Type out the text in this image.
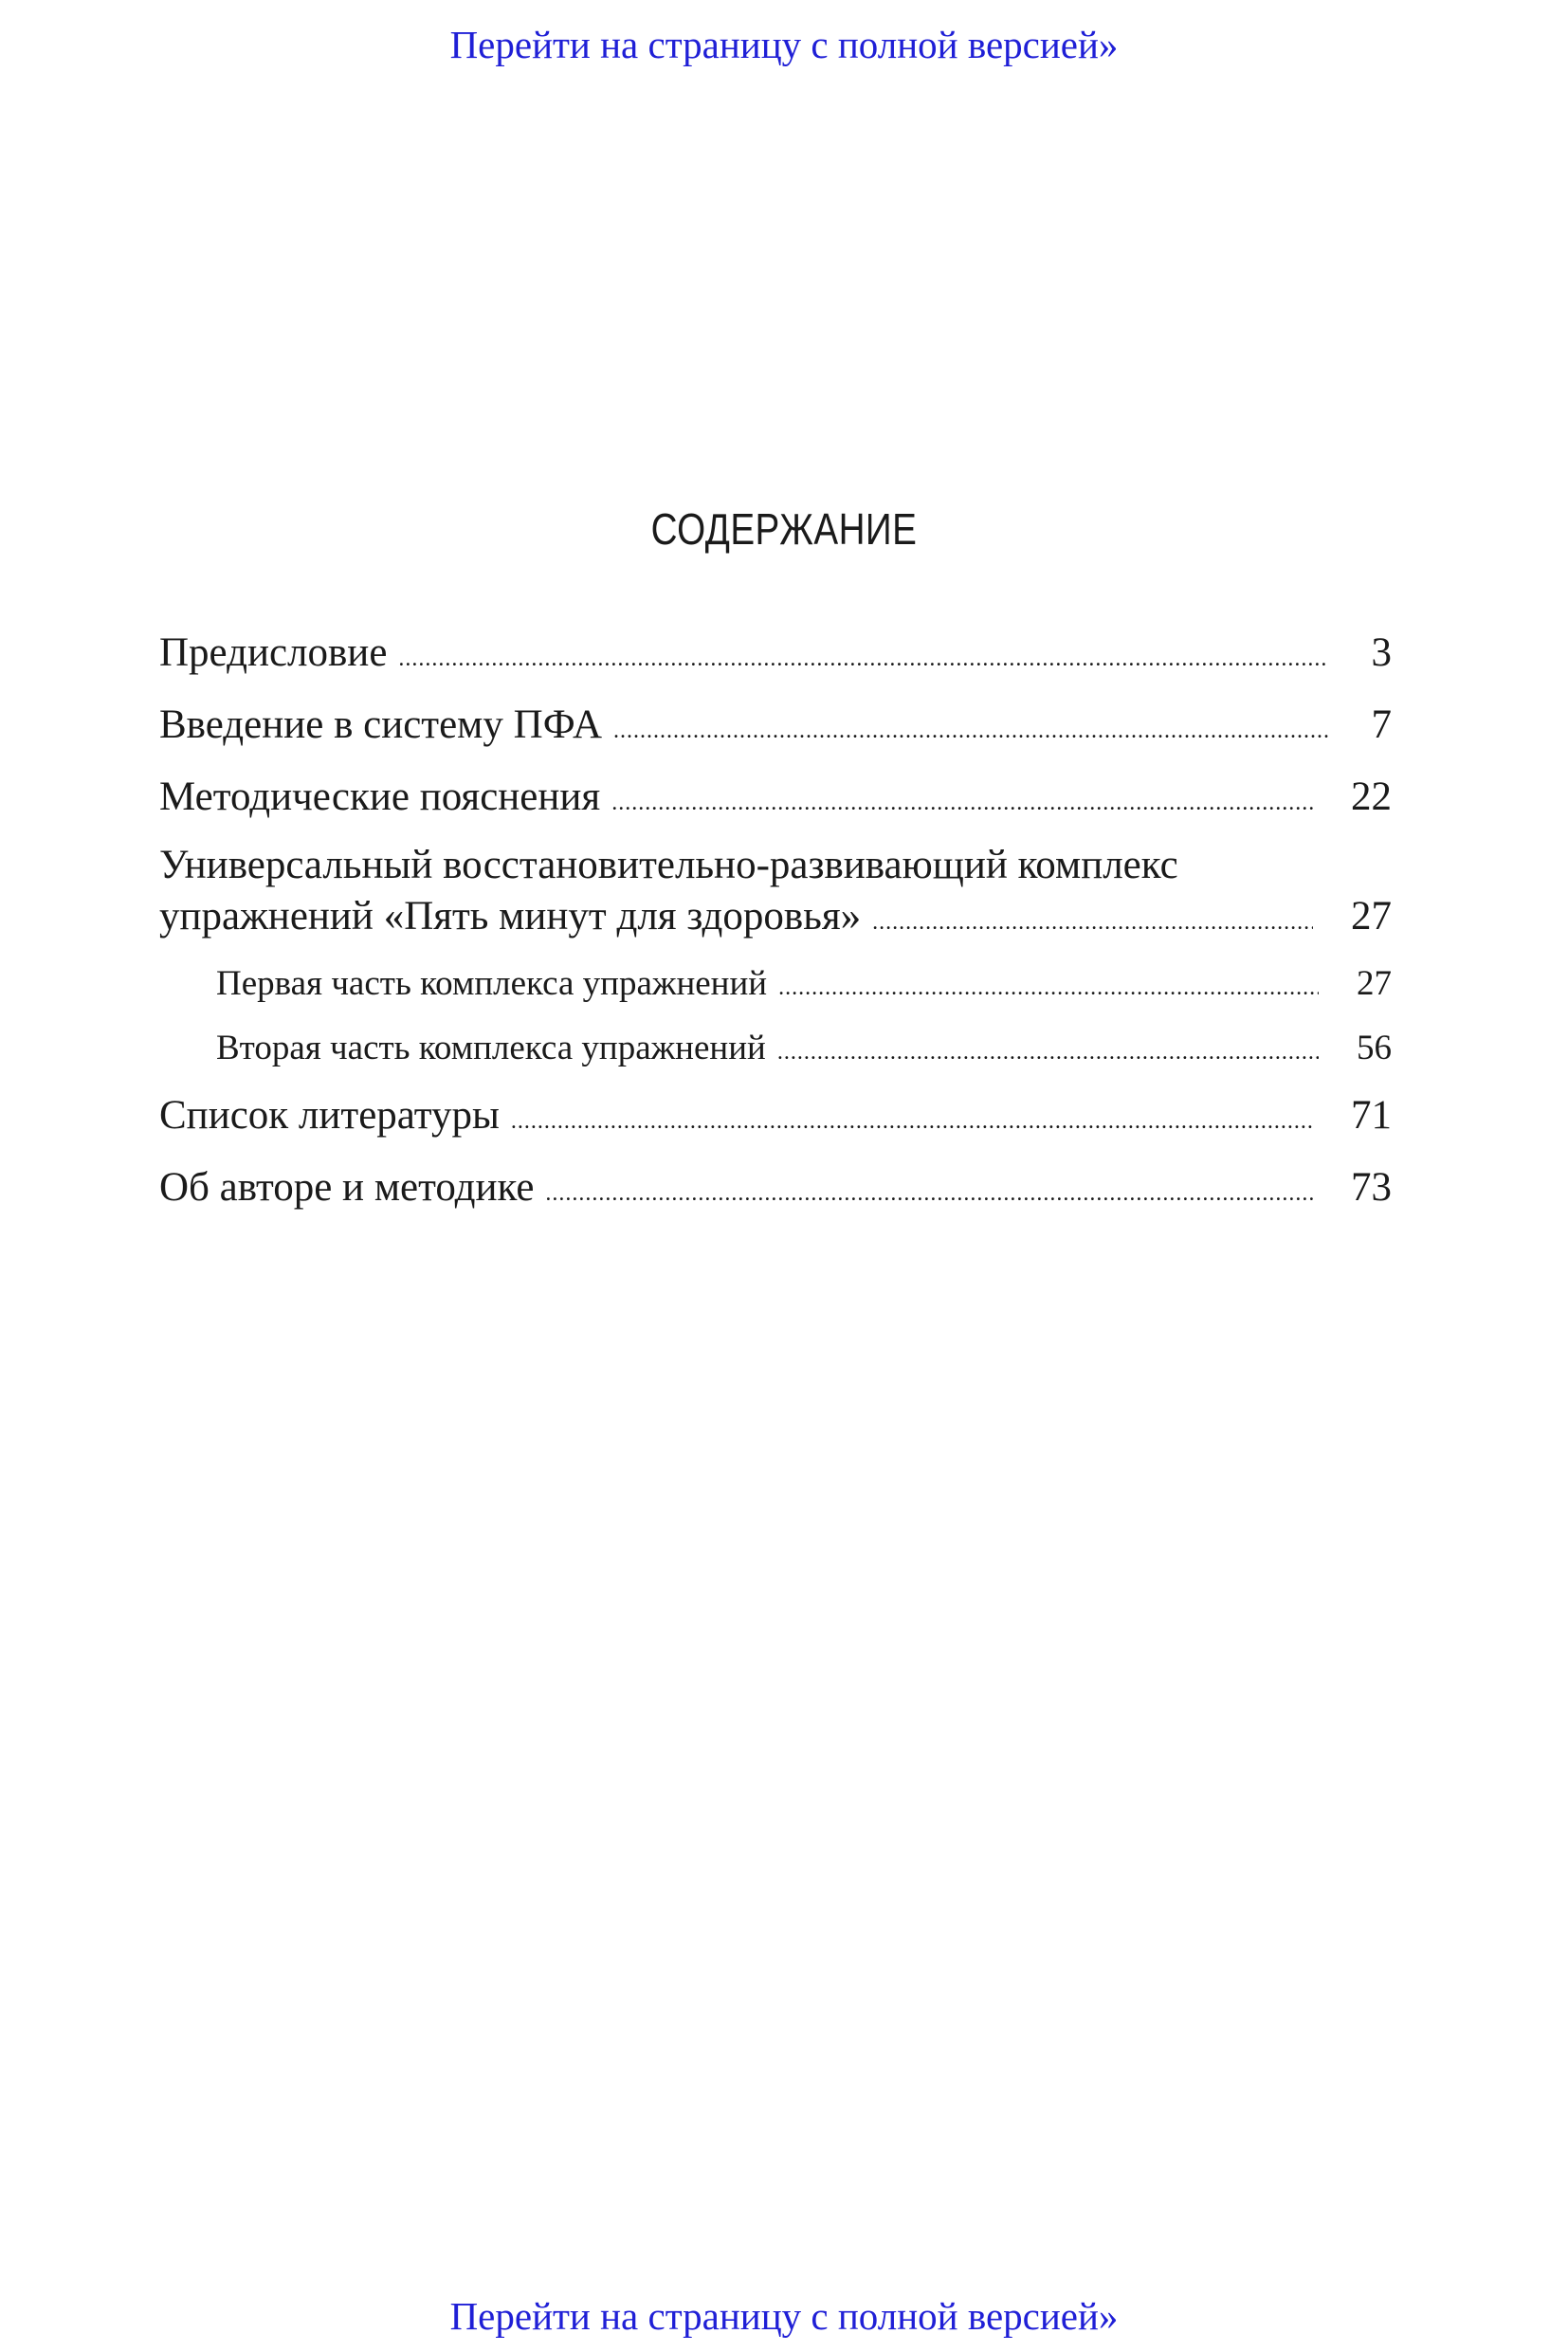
Перейти на страницу с полной версией»
СОДЕРЖАНИЕ
Предисловие .....	3
Введение в систему ПФА .....	7
Методические пояснения .....	22
Универсальный восстановительно-развивающий комплекс
упражнений «Пять минут для здоровья» .....	27
Первая часть комплекса упражнений .....	27
Вторая часть комплекса упражнений .....	56
Список литературы .....	71
Об авторе и методике .....	73
Перейти на страницу с полной версией»
